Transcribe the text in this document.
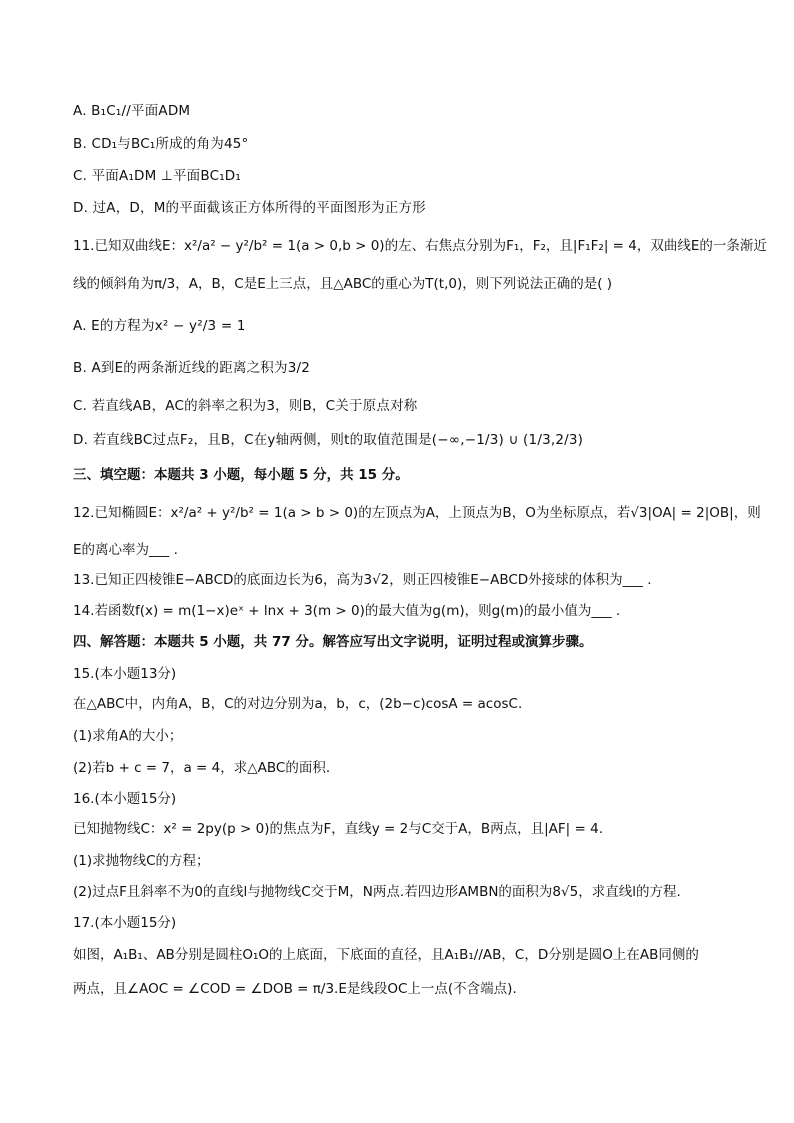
A. B₁C₁//平面ADM
B. CD₁与BC₁所成的角为45°
C. 平面A₁DM ⊥平面BC₁D₁
D. 过A，D，M的平面截该正方体所得的平面图形为正方形
11.已知双曲线E：x²/a² − y²/b² = 1(a > 0,b > 0)的左、右焦点分别为F₁，F₂，且|F₁F₂| = 4，双曲线E的一条渐近
线的倾斜角为π/3，A，B，C是E上三点，且△ABC的重心为T(t,0)，则下列说法正确的是( )
A. E的方程为x² − y²/3 = 1
B. A到E的两条渐近线的距离之积为3/2
C. 若直线AB，AC的斜率之积为3，则B，C关于原点对称
D. 若直线BC过点F₂，且B，C在y轴两侧，则t的取值范围是(−∞,−1/3) ∪ (1/3,2/3)
三、填空题：本题共 3 小题，每小题 5 分，共 15 分。
12.已知椭圆E：x²/a² + y²/b² = 1(a > b > 0)的左顶点为A，上顶点为B，O为坐标原点，若√3|OA| = 2|OB|，则
E的离心率为___ .
13.已知正四棱锥E−ABCD的底面边长为6，高为3√2，则正四棱锥E−ABCD外接球的体积为___ .
14.若函数f(x) = m(1−x)eˣ + lnx + 3(m > 0)的最大值为g(m)，则g(m)的最小值为___ .
四、解答题：本题共 5 小题，共 77 分。解答应写出文字说明，证明过程或演算步骤。
15.(本小题13分)
在△ABC中，内角A，B，C的对边分别为a，b，c，(2b−c)cosA = acosC.
(1)求角A的大小；
(2)若b + c = 7，a = 4，求△ABC的面积.
16.(本小题15分)
已知抛物线C：x² = 2py(p > 0)的焦点为F，直线y = 2与C交于A，B两点，且|AF| = 4.
(1)求抛物线C的方程；
(2)过点F且斜率不为0的直线l与抛物线C交于M，N两点.若四边形AMBN的面积为8√5，求直线l的方程.
17.(本小题15分)
如图，A₁B₁、AB分别是圆柱O₁O的上底面，下底面的直径，且A₁B₁//AB，C，D分别是圆O上在AB同侧的
两点，且∠AOC = ∠COD = ∠DOB = π/3.E是线段OC上一点(不含端点).
